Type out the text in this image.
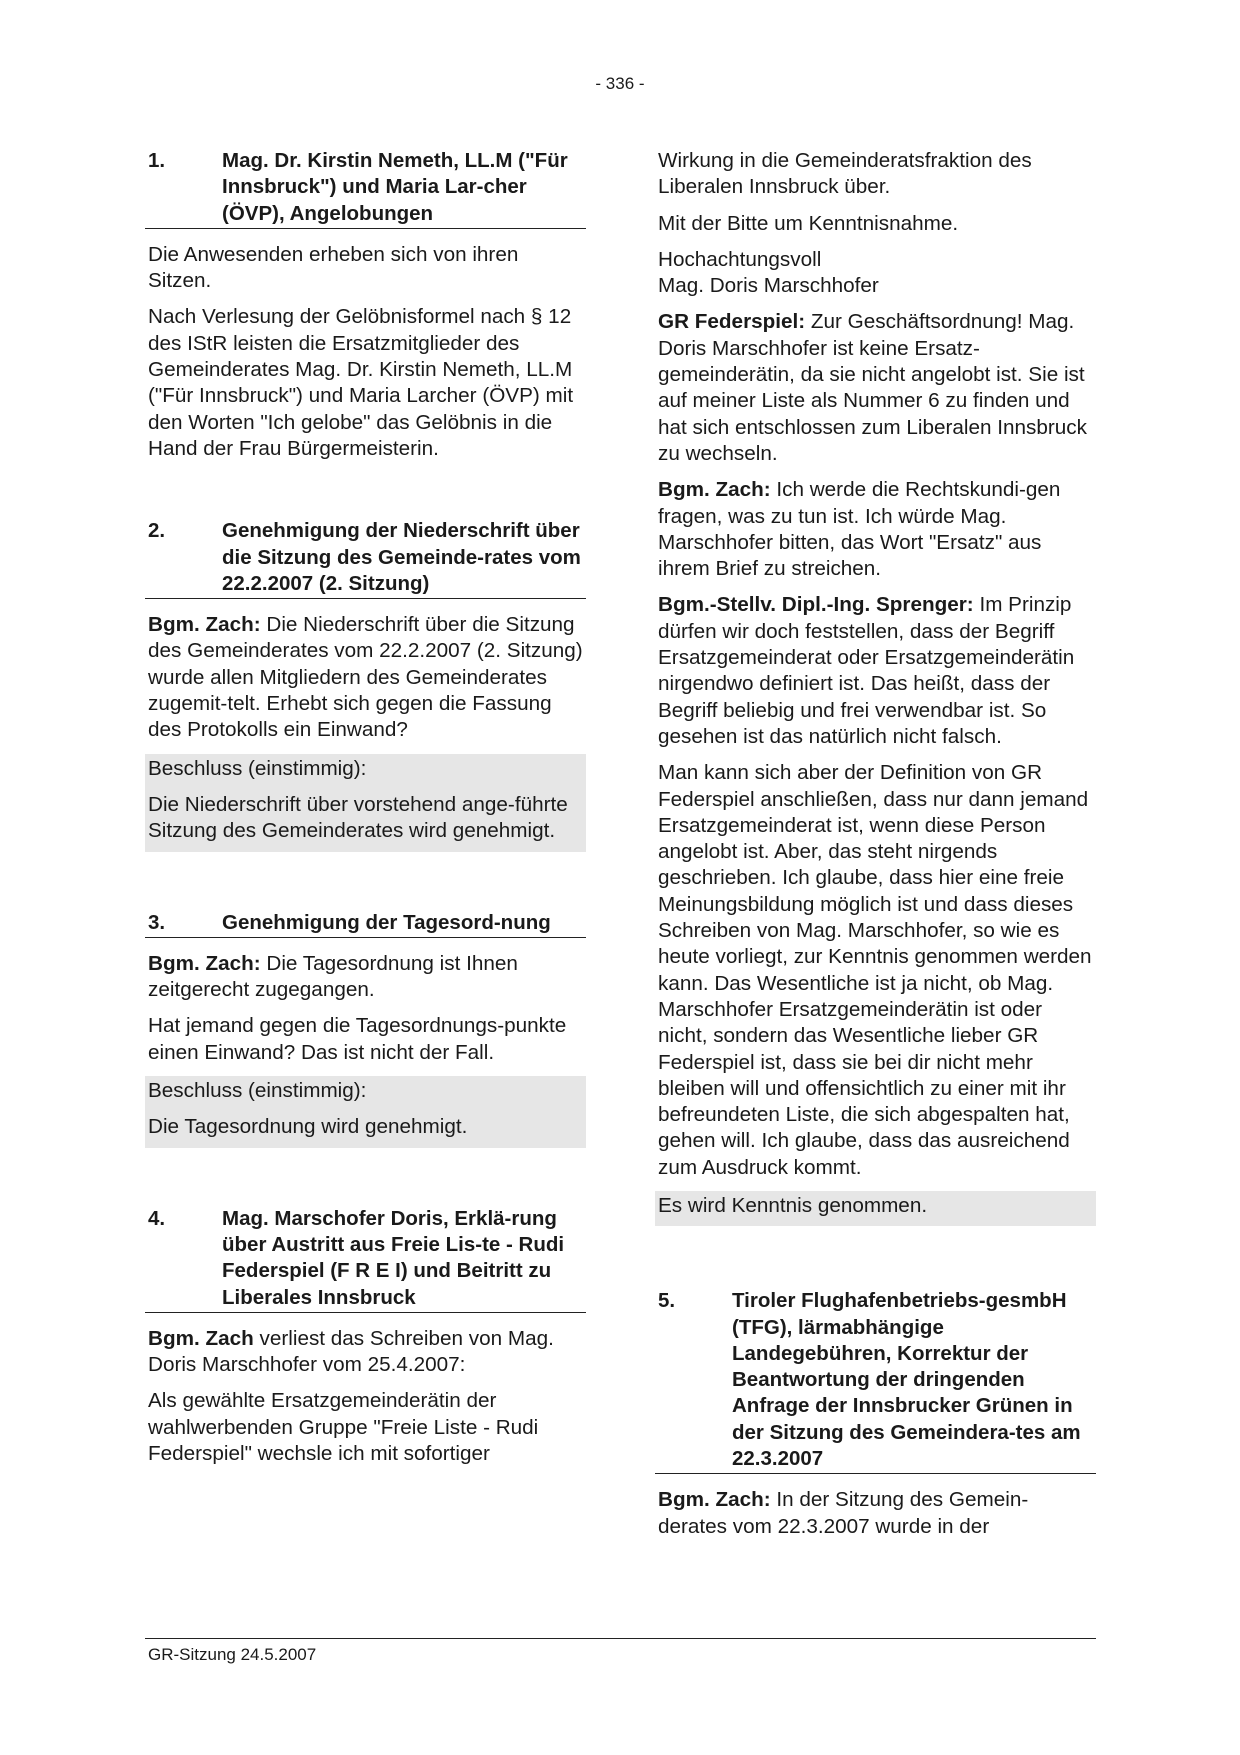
- 336 -
1.	Mag. Dr. Kirstin Nemeth, LL.M ("Für Innsbruck") und Maria Lar-cher (ÖVP), Angelobungen

Die Anwesenden erheben sich von ihren Sitzen.

Nach Verlesung der Gelöbnisformel nach § 12 des IStR leisten die Ersatzmitglieder des Gemeinderates Mag. Dr. Kirstin Nemeth, LL.M ("Für Innsbruck") und Maria Larcher (ÖVP) mit den Worten "Ich gelobe" das Gelöbnis in die Hand der Frau Bürgermeisterin.

2.	Genehmigung der Niederschrift über die Sitzung des Gemeinde-rates vom 22.2.2007 (2. Sitzung)

Bgm. Zach: Die Niederschrift über die Sitzung des Gemeinderates vom 22.2.2007 (2. Sitzung) wurde allen Mitgliedern des Gemeinderates zugemit-telt. Erhebt sich gegen die Fassung des Protokolls ein Einwand?

Beschluss (einstimmig):

Die Niederschrift über vorstehend ange-führte Sitzung des Gemeinderates wird genehmigt.

3.	Genehmigung der Tagesord-nung

Bgm. Zach: Die Tagesordnung ist Ihnen zeitgerecht zugegangen.

Hat jemand gegen die Tagesordnungs-punkte einen Einwand? Das ist nicht der Fall.

Beschluss (einstimmig):

Die Tagesordnung wird genehmigt.

4.	Mag. Marschofer Doris, Erklä-rung über Austritt aus Freie Lis-te - Rudi Federspiel (F R E I) und Beitritt zu Liberales Innsbruck

Bgm. Zach verliest das Schreiben von Mag. Doris Marschhofer vom 25.4.2007:

Als gewählte Ersatzgemeinderätin der wahlwerbenden Gruppe "Freie Liste - Rudi Federspiel" wechsle ich mit sofortiger

Wirkung in die Gemeinderatsfraktion des Liberalen Innsbruck über.

Mit der Bitte um Kenntnisnahme.

Hochachtungsvoll
Mag. Doris Marschhofer

GR Federspiel: Zur Geschäftsordnung! Mag. Doris Marschhofer ist keine Ersatz-gemeinderätin, da sie nicht angelobt ist. Sie ist auf meiner Liste als Nummer 6 zu finden und hat sich entschlossen zum Liberalen Innsbruck zu wechseln.

Bgm. Zach: Ich werde die Rechtskundi-gen fragen, was zu tun ist. Ich würde Mag. Marschhofer bitten, das Wort "Ersatz" aus ihrem Brief zu streichen.

Bgm.-Stellv. Dipl.-Ing. Sprenger: Im Prinzip dürfen wir doch feststellen, dass der Begriff Ersatzgemeinderat oder Ersatzgemeinderätin nirgendwo definiert ist. Das heißt, dass der Begriff beliebig und frei verwendbar ist. So gesehen ist das natürlich nicht falsch.

Man kann sich aber der Definition von GR Federspiel anschließen, dass nur dann jemand Ersatzgemeinderat ist, wenn diese Person angelobt ist. Aber, das steht nirgends geschrieben. Ich glaube, dass hier eine freie Meinungsbildung möglich ist und dass dieses Schreiben von Mag. Marschhofer, so wie es heute vorliegt, zur Kenntnis genommen werden kann. Das Wesentliche ist ja nicht, ob Mag. Marschhofer Ersatzgemeinderätin ist oder nicht, sondern das Wesentliche lieber GR Federspiel ist, dass sie bei dir nicht mehr bleiben will und offensichtlich zu einer mit ihr befreundeten Liste, die sich abgespalten hat, gehen will. Ich glaube, dass das ausreichend zum Ausdruck kommt.

Es wird Kenntnis genommen.

5.	Tiroler Flughafenbetriebs-gesmbH (TFG), lärmabhängige Landegebühren, Korrektur der Beantwortung der dringenden Anfrage der Innsbrucker Grünen in der Sitzung des Gemeindera-tes am 22.3.2007

Bgm. Zach: In der Sitzung des Gemein-derates vom 22.3.2007 wurde in der

GR-Sitzung 24.5.2007
